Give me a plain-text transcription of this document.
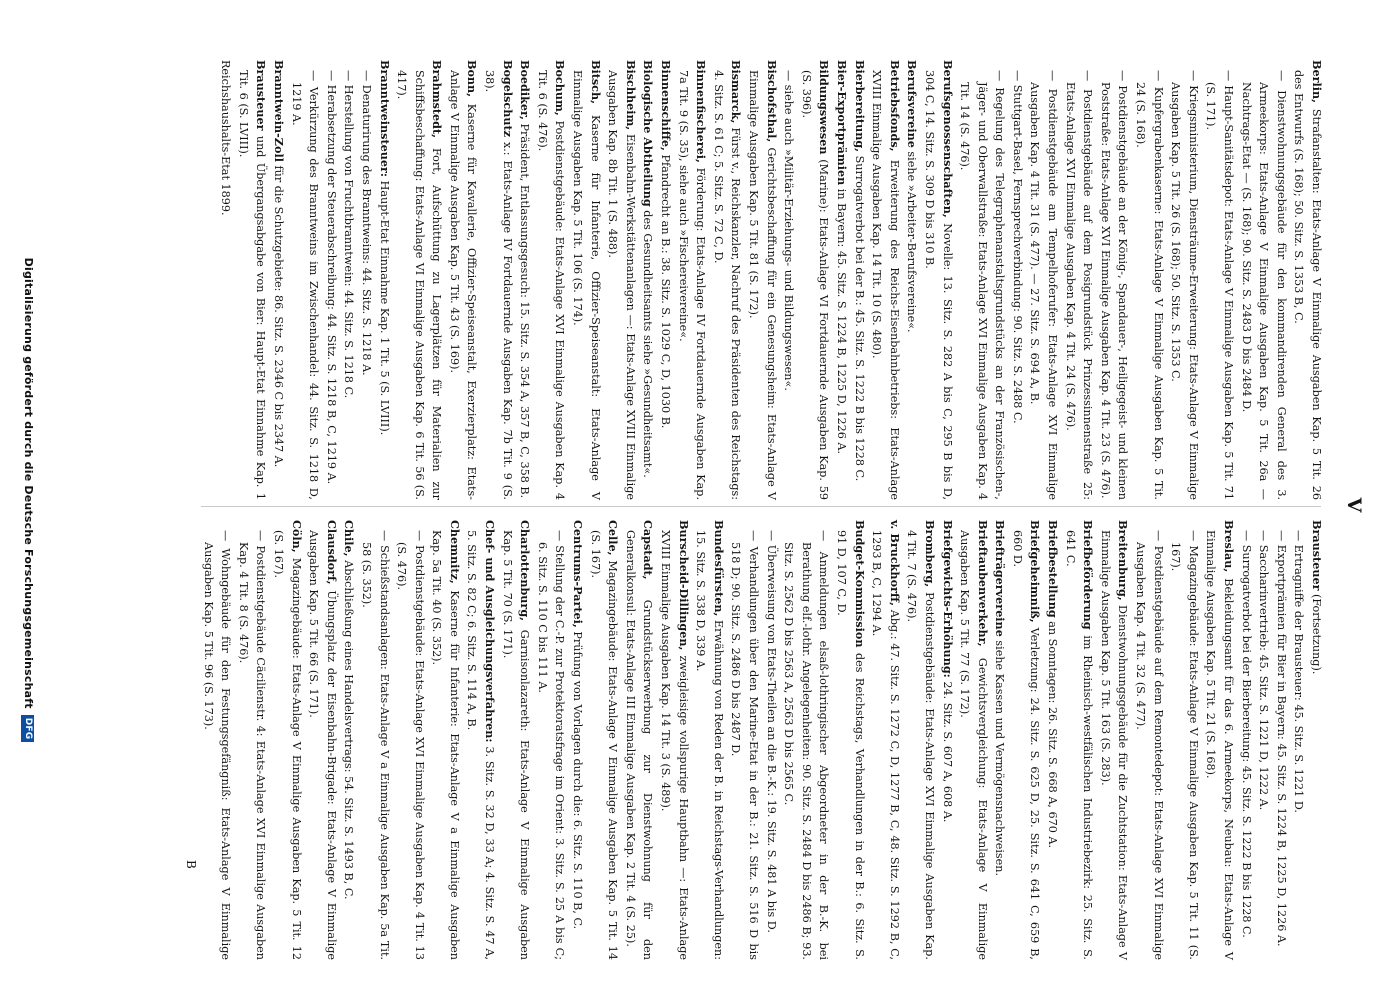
V

Berlin, Strafanstalten: Etats-Anlage V Einmalige Ausgaben Kap. 5 Tit. 26 des Entwurfs (S. 168); 50. Sitz. S. 1353 B, C.

— Dienstwohnungsgebäude für den kommandirenden General des 3. Armeekorps: Etats-Anlage V Einmalige Ausgaben Kap. 5 Tit. 26a — Nachtrags-Etat — (S. 168); 90. Sitz. S. 2483 D bis 2484 D.

— Haupt-Sanitätsdepot: Etats-Anlage V Einmalige Ausgaben Kap. 5 Tit. 71 (S. 171).

— Kriegsministerium, Diensträume-Erweiterung: Etats-Anlage V Einmalige Ausgaben Kap. 5 Tit. 26 (S. 168); 50. Sitz. S. 1353 C.

— Kupfergrabenkaserne: Etats-Anlage V Einmalige Ausgaben Kap. 5 Tit. 24 (S. 168).

— Postdienstgebäude an der König-, Spandauer-, Heiligegeist- und kleinen Poststraße: Etats-Anlage XVI Einmalige Ausgaben Kap. 4 Tit. 23 (S. 476).

— Postdienstgebäude auf dem Posigrundstück Prinzessinnenstraße 25: Etats-Anlage XVI Einmalige Ausgaben Kap. 4 Tit. 24 (S. 476).

— Postdienstgebäude am Tempelhoferufer: Etats-Anlage XVI Einmalige Ausgaben Kap. 4 Tit. 31 (S. 477). — 27. Sitz. S. 694 A, B.

— Stuttgart-Basel, Fernsprechverbindung: 90. Sitz. S. 2488 C.

— Regelung des Telegraphenanstaltsgrundstücks an der Französischen-, Jäger- und Oberwallstraße: Etats-Anlage XVI Einmalige Ausgaben Kap. 4 Tit. 14 (S. 476).

Berufsgenossenschaften, Novelle: 13. Sitz. S. 282 A bis C, 295 B bis D, 304 C, 14. Sitz. S. 309 D bis 310 B.

Berufsvereine siehe »Arbeiter-Berufsvereine«.

Betriebsfonds, Erweiterung des Reichs-Eisenbahnbetriebs: Etats-Anlage XVIII Einmalige Ausgaben Kap. 14 Tit. 10 (S. 480).

Bierbereitung, Surrogatverbot bei der B.: 45. Sitz. S. 1222 B bis 1228 C.

Bier-Exportprämien in Bayern: 45. Sitz. S. 1224 B, 1225 D, 1226 A.

Bildungswesen (Marine): Etats-Anlage VI Fortdauernde Ausgaben Kap. 59 (S. 396).

— siehe auch »Militär-Erziehungs- und Bildungswesen«.

Bischofsthal, Gerichtsbeschaffung für ein Genesungsheim: Etats-Anlage V Einmalige Ausgaben Kap. 5 Tit. 81 (S. 172).

Bismarck, Fürst v., Reichskanzler, Nachruf des Präsidenten des Reichstags: 4. Sitz. S. 61 C; 5. Sitz. S. 72 C, D.

Binnenfischerei, Förderung: Etats-Anlage IV Fortdauernde Ausgaben Kap. 7a Tit. 9 (S. 35), siehe auch »Fischereivereine«.

Binnenschiffe, Pfandrecht an B.: 38. Sitz. S. 1029 C, D, 1030 B.

Biologische Abtheilung des Gesundheitsamts siehe »Gesundheitsamt«.

Bischheim, Eisenbahn-Werkstättenanlagen —: Etats-Anlage XVIII Einmalige Ausgaben Kap. 8b Tit. 1 (S. 488).

Bitsch, Kaserne für Infanterie, Offizier-Speiseanstalt: Etats-Anlage V Einmalige Ausgaben Kap. 5 Tit. 106 (S. 174).

Bochum, Postdienstgebäude: Etats-Anlage XVI Einmalige Ausgaben Kap. 4 Tit. 6 (S. 476).

Boediker, Präsident, Entlassungsgesuch: 15. Sitz. S. 354 A, 357 B, C, 358 B.

Bogelschutz x.: Etats-Anlage IV Fortdauernde Ausgaben Kap. 7b Tit. 9 (S. 38).

Bonn, Kaserne für Kavallerie, Offizier-Speiseanstalt, Exerzierplatz: Etats-Anlage V Einmalige Ausgaben Kap. 5 Tit. 43 (S. 169).

Brahmstedt, Fort, Aufschüttung zu Lagerplätzen für Materialien zur Schiffsbeschaffung: Etats-Anlage VI Einmalige Ausgaben Kap. 6 Tit. 56 (S. 417).

Branntweinsteuer: Haupt-Etat Einnahme Kap. 1 Tit. 5 (S. LVIII).

— Denaturirung des Branntweins: 44. Sitz. S. 1218 A.

— Herstellung von Fruchtbranntwein: 44. Sitz. S. 1218 C.

— Herabsetzung der Steuerabschreibung: 44. Sitz. S. 1218 B, C, 1219 A.

— Verkürzung des Branntweins im Zwischenhandel: 44. Sitz. S. 1218 D, 1219 A.

Branntwein-Zoll für die Schutzgebiete: 86. Sitz. S. 2346 C bis 2347 A.

Brausteuer und Übergangsabgabe von Bier: Haupt-Etat Einnahme Kap. 1 Tit. 6 (S. LVIII).

Reichshaushalts-Etat 1899.

Brausteuer (Fortsetzung).

— Ertragniffe der Brausteuer: 45. Sitz. S. 1221 D.

— Exportprämien für Bier in Bayern: 45. Sitz. S. 1224 B, 1225 D, 1226 A.

— Saccharinvertrieb: 45. Sitz. S. 1221 D, 1222 A.

— Surrogatverbot bei der Bierbereitung: 45. Sitz. S. 1222 B bis 1228 C.

Breslau, Bekleidungsamt für das 6. Armeekorps, Neubau: Etats-Anlage V Einmalige Ausgaben Kap. 5 Tit. 21 (S. 168).

— Magazingebäude: Etats-Anlage V Einmalige Ausgaben Kap. 5 Tit. 11 (S. 167).

— Postdienstgebäude auf dem Remontedepot: Etats-Anlage XVI Einmalige Ausgaben Kap. 4 Tit. 32 (S. 477).

Breitenburg, Dienstwohnungsgebäude für die Zuchtstation: Etats-Anlage V Einmalige Ausgaben Kap. 5 Tit. 163 (S. 283).

Briefbeförderung im Rheinisch-westfälischen Industriebezirk: 25. Sitz. S. 641 C.

Briefbestellung an Sonntagen: 26. Sitz. S. 668 A, 670 A.

Briefgeheimniß, Verletzung: 24. Sitz. S. 625 D, 25. Sitz. S. 641 C, 659 B, 660 D.

Briefträgervereine siehe Kassen und Vermögensnachweisen.

Brieftaubenverkehr, Gewichtsvergleichung: Etats-Anlage V Einmalige Ausgaben Kap. 5 Tit. 77 (S. 172).

Briefgewichts-Erhöhung: 24. Sitz. S. 607 A, 608 A.

Bromberg, Postdienstgebäude: Etats-Anlage XVI Einmalige Ausgaben Kap. 4 Tit. 7 (S. 476).

v. Bruckhorff, Abg.: 47. Sitz. S. 1272 C, D, 1277 B, C, 48. Sitz. S. 1292 B, C, 1293 B, C, 1294 A.

Budget-Kommission des Reichstags, Verhandlungen in der B.: 6. Sitz. S. 91 D, 107 C, D.

— Anmeldungen elsaß-lothringischer Abgeordneter in der B.-K. bei Berathung elf.-lothr. Angelegenheiten: 90. Sitz. S. 2484 D bis 2486 B; 93. Sitz. S. 2562 D bis 2563 A, 2563 D bis 2565 C.

— Überweisung von Etats-Theilen an die B.-K.: 19. Sitz. S. 481 A bis D.

— Verhandlungen über den Marine-Etat in der B.: 21. Sitz. S. 516 D bis 518 D; 90. Sitz. S. 2486 D bis 2487 D.

Bundesfürsten, Erwähnung von Reden der B. in Reichstags-Verhandlungen: 15. Sitz. S. 338 D, 339 A.

Burscheid-Dillingen, zweigleisige vollspurige Hauptbahn —: Etats-Anlage XVIII Einmalige Ausgaben Kap. 14 Tit. 3 (S. 489).

Capstadt, Grundstückserwerbung zur Dienstwohnung für den Generalkonsul: Etats-Anlage III Einmalige Ausgaben Kap. 2 Tit. 4 (S. 25).

Celle, Magazingebäude: Etats-Anlage V Einmalige Ausgaben Kap. 5 Tit. 14 (S. 167).

Centrums-Partei, Prüfung von Vorlagen durch die: 6. Sitz. S. 110 B, C.

— Stellung der C.-P. zur Protektoratsfrage im Orient: 3. Sitz. S. 25 A bis C; 6. Sitz. S. 110 C bis 111 A.

Charlottenburg, Garnisonlazareth: Etats-Anlage V Einmalige Ausgaben Kap. 5 Tit. 70 (S. 171).

Chef- und Ausgleichungsverfahren: 3. Sitz. S. 32 D, 33 A; 4. Sitz. S. 47 A, 5. Sitz. S. 82 C; 6. Sitz. S. 114 A, B.

Chemnitz, Kaserne für Infanterie: Etats-Anlage V a Einmalige Ausgaben Kap. 5a Tit. 40 (S. 352).

— Postdienstgebäude: Etats-Anlage XVI Einmalige Ausgaben Kap. 4 Tit. 13 (S. 476).

— Schießstandsanlagen: Etats-Anlage V a Einmalige Ausgaben Kap. 5a Tit. 58 (S. 352).

Chile, Abschließung eines Handelsvertrags: 54. Sitz. S. 1493 B, C.

Clausdorf, Übungsplatz der Eisenbahn-Brigade: Etats-Anlage V Einmalige Ausgaben Kap. 5 Tit. 66 (S. 171).

Cöln, Magazingebäude: Etats-Anlage V Einmalige Ausgaben Kap. 5 Tit. 12 (S. 167).

— Postdienstgebäude Cäcilienstr. 4: Etats-Anlage XVI Einmalige Ausgaben Kap. 4 Tit. 8 (S. 476).

— Wohngebäude für den Festungsgefängniß: Etats-Anlage V Einmalige Ausgaben Kap. 5 Tit. 96 (S. 173).

B
Digitalisierung gefördert durch die Deutsche ForschungsgemeinschaftDFG
